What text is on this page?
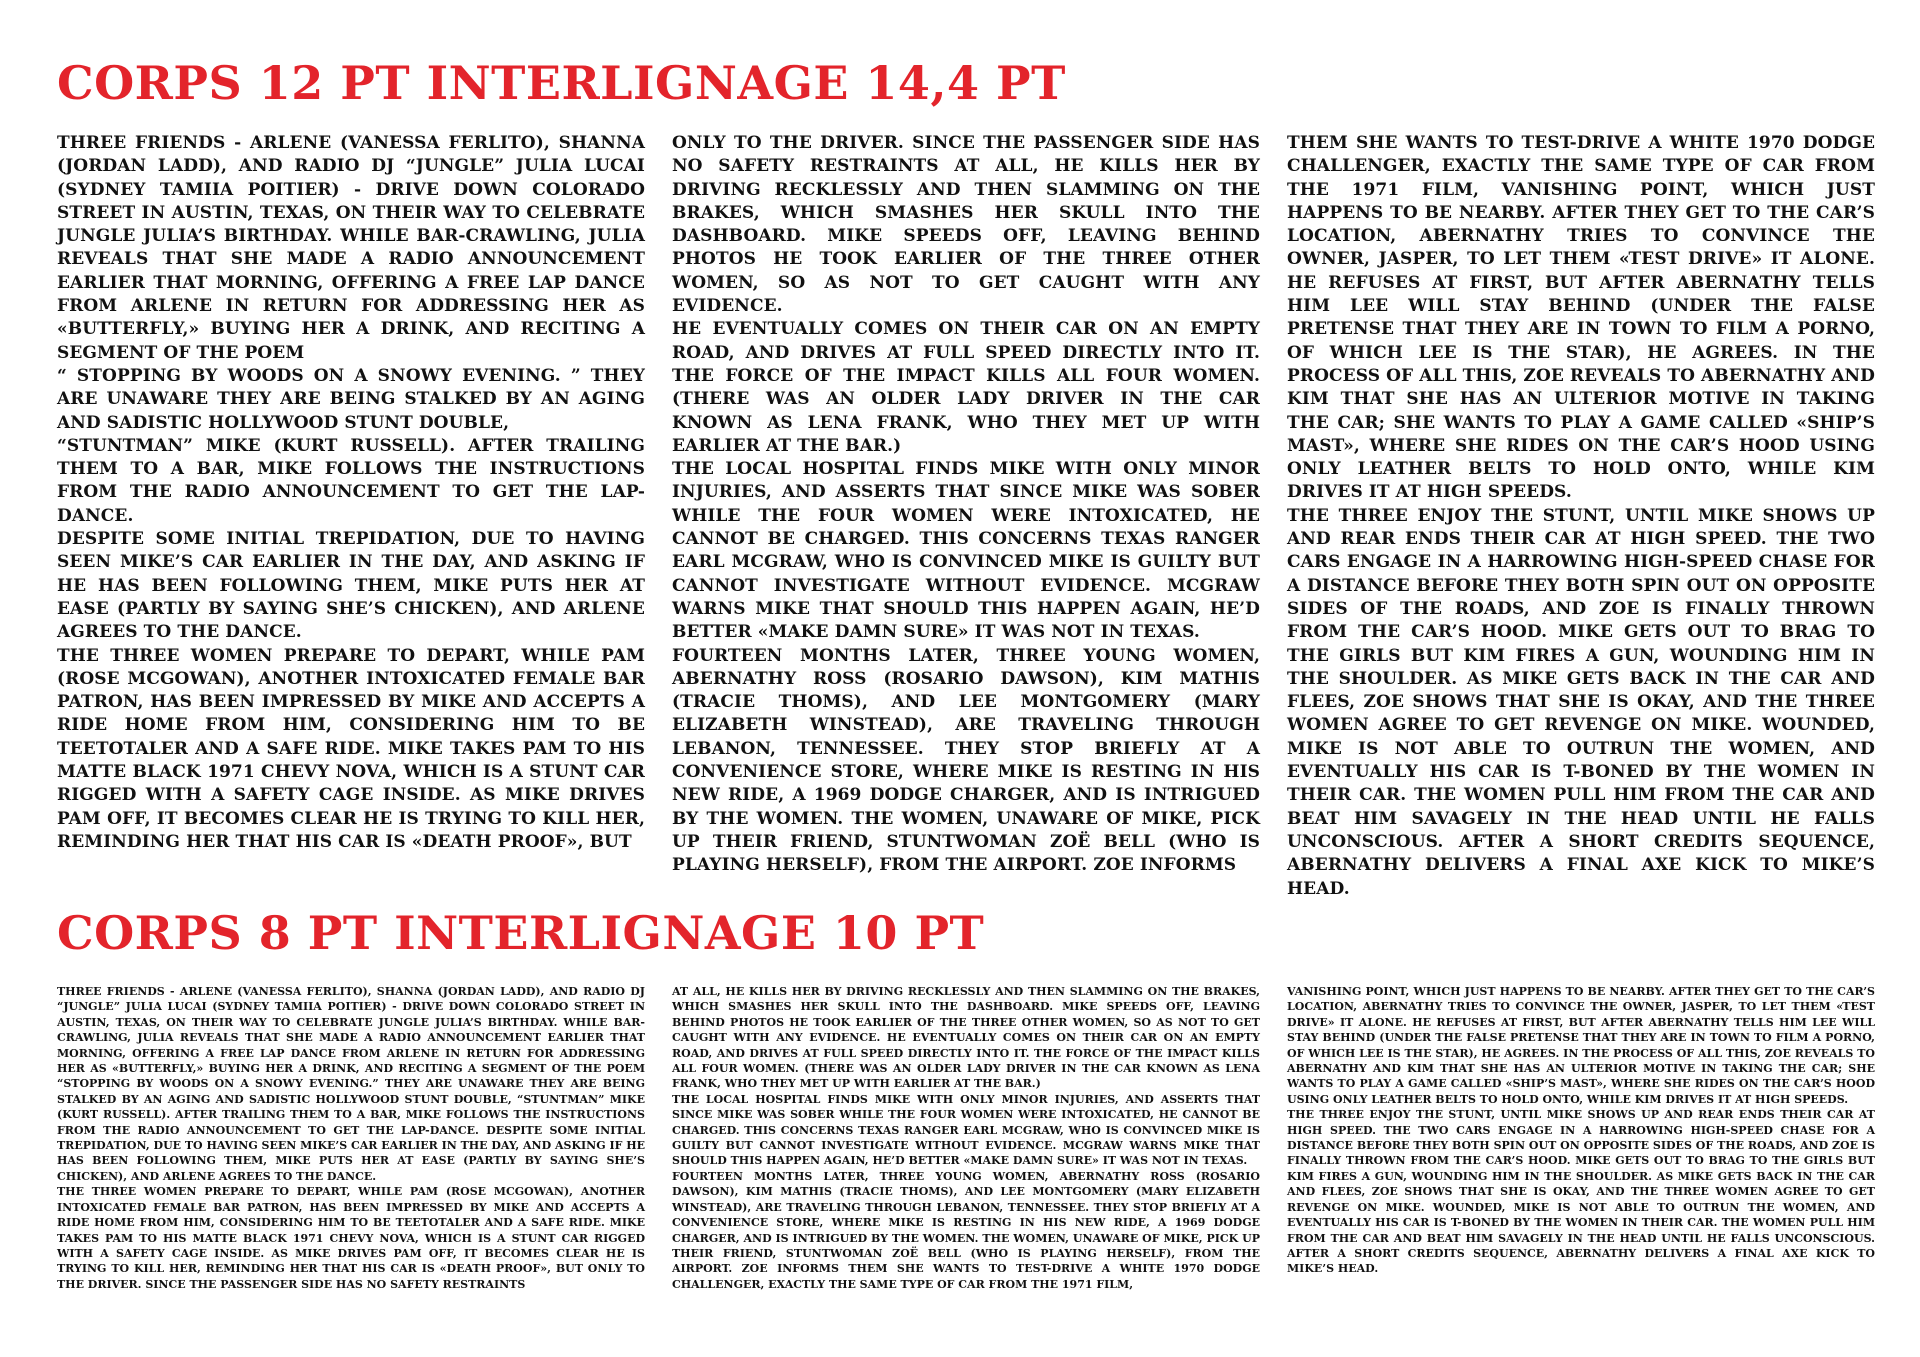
CORPS 12 PT INTERLIGNAGE 14,4 PT

THREE FRIENDS - ARLENE (VANESSA FERLITO), SHANNA (JORDAN LADD), AND RADIO DJ “JUNGLE” JULIA LUCAI (SYDNEY TAMIIA POITIER) - DRIVE DOWN COLORADO STREET IN AUSTIN, TEXAS, ON THEIR WAY TO CELEBRATE JUNGLE JULIA’S BIRTHDAY. WHILE BAR-CRAWLING, JULIA REVEALS THAT SHE MADE A RADIO ANNOUNCEMENT EARLIER THAT MORNING, OFFERING A FREE LAP DANCE FROM ARLENE IN RETURN FOR ADDRESSING HER AS «BUTTERFLY,» BUYING HER A DRINK, AND RECITING A SEGMENT OF THE POEM

“ STOPPING BY WOODS ON A SNOWY EVENING. ” THEY ARE UNAWARE THEY ARE BEING STALKED BY AN AGING AND SADISTIC HOLLYWOOD STUNT DOUBLE,

“STUNTMAN” MIKE (KURT RUSSELL). AFTER TRAILING THEM TO A BAR, MIKE FOLLOWS THE INSTRUCTIONS FROM THE RADIO ANNOUNCEMENT TO GET THE LAP-DANCE.

DESPITE SOME INITIAL TREPIDATION, DUE TO HAVING SEEN MIKE’S CAR EARLIER IN THE DAY, AND ASKING IF HE HAS BEEN FOLLOWING THEM, MIKE PUTS HER AT EASE (PARTLY BY SAYING SHE’S CHICKEN), AND ARLENE AGREES TO THE DANCE.

THE THREE WOMEN PREPARE TO DEPART, WHILE PAM (ROSE MCGOWAN), ANOTHER INTOXICATED FEMALE BAR PATRON, HAS BEEN IMPRESSED BY MIKE AND ACCEPTS A RIDE HOME FROM HIM, CONSIDERING HIM TO BE TEETOTALER AND A SAFE RIDE. MIKE TAKES PAM TO HIS MATTE BLACK 1971 CHEVY NOVA, WHICH IS A STUNT CAR RIGGED WITH A SAFETY CAGE INSIDE. AS MIKE DRIVES PAM OFF, IT BECOMES CLEAR HE IS TRYING TO KILL HER, REMINDING HER THAT HIS CAR IS «DEATH PROOF», BUT

ONLY TO THE DRIVER. SINCE THE PASSENGER SIDE HAS NO SAFETY RESTRAINTS AT ALL, HE KILLS HER BY DRIVING RECKLESSLY AND THEN SLAMMING ON THE BRAKES, WHICH SMASHES HER SKULL INTO THE DASHBOARD. MIKE SPEEDS OFF, LEAVING BEHIND PHOTOS HE TOOK EARLIER OF THE THREE OTHER WOMEN, SO AS NOT TO GET CAUGHT WITH ANY EVIDENCE.

HE EVENTUALLY COMES ON THEIR CAR ON AN EMPTY ROAD, AND DRIVES AT FULL SPEED DIRECTLY INTO IT. THE FORCE OF THE IMPACT KILLS ALL FOUR WOMEN. (THERE WAS AN OLDER LADY DRIVER IN THE CAR KNOWN AS LENA FRANK, WHO THEY MET UP WITH EARLIER AT THE BAR.)

THE LOCAL HOSPITAL FINDS MIKE WITH ONLY MINOR INJURIES, AND ASSERTS THAT SINCE MIKE WAS SOBER WHILE THE FOUR WOMEN WERE INTOXICATED, HE CANNOT BE CHARGED. THIS CONCERNS TEXAS RANGER EARL MCGRAW, WHO IS CONVINCED MIKE IS GUILTY BUT CANNOT INVESTIGATE WITHOUT EVIDENCE. MCGRAW WARNS MIKE THAT SHOULD THIS HAPPEN AGAIN, HE’D BETTER «MAKE DAMN SURE» IT WAS NOT IN TEXAS.

FOURTEEN MONTHS LATER, THREE YOUNG WOMEN, ABERNATHY ROSS (ROSARIO DAWSON), KIM MATHIS (TRACIE THOMS), AND LEE MONTGOMERY (MARY ELIZABETH WINSTEAD), ARE TRAVELING THROUGH LEBANON, TENNESSEE. THEY STOP BRIEFLY AT A CONVENIENCE STORE, WHERE MIKE IS RESTING IN HIS NEW RIDE, A 1969 DODGE CHARGER, AND IS INTRIGUED BY THE WOMEN. THE WOMEN, UNAWARE OF MIKE, PICK UP THEIR FRIEND, STUNTWOMAN ZOË BELL (WHO IS PLAYING HERSELF), FROM THE AIRPORT. ZOE INFORMS

THEM SHE WANTS TO TEST-DRIVE A WHITE 1970 DODGE CHALLENGER, EXACTLY THE SAME TYPE OF CAR FROM THE 1971 FILM, VANISHING POINT, WHICH JUST HAPPENS TO BE NEARBY. AFTER THEY GET TO THE CAR’S LOCATION, ABERNATHY TRIES TO CONVINCE THE OWNER, JASPER, TO LET THEM «TEST DRIVE» IT ALONE. HE REFUSES AT FIRST, BUT AFTER ABERNATHY TELLS HIM LEE WILL STAY BEHIND (UNDER THE FALSE PRETENSE THAT THEY ARE IN TOWN TO FILM A PORNO, OF WHICH LEE IS THE STAR), HE AGREES. IN THE PROCESS OF ALL THIS, ZOE REVEALS TO ABERNATHY AND KIM THAT SHE HAS AN ULTERIOR MOTIVE IN TAKING THE CAR; SHE WANTS TO PLAY A GAME CALLED «SHIP’S MAST», WHERE SHE RIDES ON THE CAR’S HOOD USING ONLY LEATHER BELTS TO HOLD ONTO, WHILE KIM DRIVES IT AT HIGH SPEEDS.

THE THREE ENJOY THE STUNT, UNTIL MIKE SHOWS UP AND REAR ENDS THEIR CAR AT HIGH SPEED. THE TWO CARS ENGAGE IN A HARROWING HIGH-SPEED CHASE FOR A DISTANCE BEFORE THEY BOTH SPIN OUT ON OPPOSITE SIDES OF THE ROADS, AND ZOE IS FINALLY THROWN FROM THE CAR’S HOOD. MIKE GETS OUT TO BRAG TO THE GIRLS BUT KIM FIRES A GUN, WOUNDING HIM IN THE SHOULDER. AS MIKE GETS BACK IN THE CAR AND FLEES, ZOE SHOWS THAT SHE IS OKAY, AND THE THREE WOMEN AGREE TO GET REVENGE ON MIKE. WOUNDED, MIKE IS NOT ABLE TO OUTRUN THE WOMEN, AND EVENTUALLY HIS CAR IS T-BONED BY THE WOMEN IN THEIR CAR. THE WOMEN PULL HIM FROM THE CAR AND BEAT HIM SAVAGELY IN THE HEAD UNTIL HE FALLS UNCONSCIOUS. AFTER A SHORT CREDITS SEQUENCE, ABERNATHY DELIVERS A FINAL AXE KICK TO MIKE’S HEAD.

CORPS 8 PT INTERLIGNAGE 10 PT

THREE FRIENDS - ARLENE (VANESSA FERLITO), SHANNA (JORDAN LADD), AND RADIO DJ “JUNGLE” JULIA LUCAI (SYDNEY TAMIIA POITIER) - DRIVE DOWN COLORADO STREET IN AUSTIN, TEXAS, ON THEIR WAY TO CELEBRATE JUNGLE JULIA’S BIRTHDAY. WHILE BAR-CRAWLING, JULIA REVEALS THAT SHE MADE A RADIO ANNOUNCEMENT EARLIER THAT MORNING, OFFERING A FREE LAP DANCE FROM ARLENE IN RETURN FOR ADDRESSING HER AS «BUTTERFLY,» BUYING HER A DRINK, AND RECITING A SEGMENT OF THE POEM “STOPPING BY WOODS ON A SNOWY EVENING.” THEY ARE UNAWARE THEY ARE BEING STALKED BY AN AGING AND SADISTIC HOLLYWOOD STUNT DOUBLE, “STUNTMAN” MIKE (KURT RUSSELL). AFTER TRAILING THEM TO A BAR, MIKE FOLLOWS THE INSTRUCTIONS FROM THE RADIO ANNOUNCEMENT TO GET THE LAP-DANCE. DESPITE SOME INITIAL TREPIDATION, DUE TO HAVING SEEN MIKE’S CAR EARLIER IN THE DAY, AND ASKING IF HE HAS BEEN FOLLOWING THEM, MIKE PUTS HER AT EASE (PARTLY BY SAYING SHE’S CHICKEN), AND ARLENE AGREES TO THE DANCE.

THE THREE WOMEN PREPARE TO DEPART, WHILE PAM (ROSE MCGOWAN), ANOTHER INTOXICATED FEMALE BAR PATRON, HAS BEEN IMPRESSED BY MIKE AND ACCEPTS A RIDE HOME FROM HIM, CONSIDERING HIM TO BE TEETOTALER AND A SAFE RIDE. MIKE TAKES PAM TO HIS MATTE BLACK 1971 CHEVY NOVA, WHICH IS A STUNT CAR RIGGED WITH A SAFETY CAGE INSIDE. AS MIKE DRIVES PAM OFF, IT BECOMES CLEAR HE IS TRYING TO KILL HER, REMINDING HER THAT HIS CAR IS «DEATH PROOF», BUT ONLY TO THE DRIVER. SINCE THE PASSENGER SIDE HAS NO SAFETY RESTRAINTS

AT ALL, HE KILLS HER BY DRIVING RECKLESSLY AND THEN SLAMMING ON THE BRAKES, WHICH SMASHES HER SKULL INTO THE DASHBOARD. MIKE SPEEDS OFF, LEAVING BEHIND PHOTOS HE TOOK EARLIER OF THE THREE OTHER WOMEN, SO AS NOT TO GET CAUGHT WITH ANY EVIDENCE. HE EVENTUALLY COMES ON THEIR CAR ON AN EMPTY ROAD, AND DRIVES AT FULL SPEED DIRECTLY INTO IT. THE FORCE OF THE IMPACT KILLS ALL FOUR WOMEN. (THERE WAS AN OLDER LADY DRIVER IN THE CAR KNOWN AS LENA FRANK, WHO THEY MET UP WITH EARLIER AT THE BAR.)

THE LOCAL HOSPITAL FINDS MIKE WITH ONLY MINOR INJURIES, AND ASSERTS THAT SINCE MIKE WAS SOBER WHILE THE FOUR WOMEN WERE INTOXICATED, HE CANNOT BE CHARGED. THIS CONCERNS TEXAS RANGER EARL MCGRAW, WHO IS CONVINCED MIKE IS GUILTY BUT CANNOT INVESTIGATE WITHOUT EVIDENCE. MCGRAW WARNS MIKE THAT SHOULD THIS HAPPEN AGAIN, HE’D BETTER «MAKE DAMN SURE» IT WAS NOT IN TEXAS.

FOURTEEN MONTHS LATER, THREE YOUNG WOMEN, ABERNATHY ROSS (ROSARIO DAWSON), KIM MATHIS (TRACIE THOMS), AND LEE MONTGOMERY (MARY ELIZABETH WINSTEAD), ARE TRAVELING THROUGH LEBANON, TENNESSEE. THEY STOP BRIEFLY AT A CONVENIENCE STORE, WHERE MIKE IS RESTING IN HIS NEW RIDE, A 1969 DODGE CHARGER, AND IS INTRIGUED BY THE WOMEN. THE WOMEN, UNAWARE OF MIKE, PICK UP THEIR FRIEND, STUNTWOMAN ZOË BELL (WHO IS PLAYING HERSELF), FROM THE AIRPORT. ZOE INFORMS THEM SHE WANTS TO TEST-DRIVE A WHITE 1970 DODGE CHALLENGER, EXACTLY THE SAME TYPE OF CAR FROM THE 1971 FILM,

VANISHING POINT, WHICH JUST HAPPENS TO BE NEARBY. AFTER THEY GET TO THE CAR’S LOCATION, ABERNATHY TRIES TO CONVINCE THE OWNER, JASPER, TO LET THEM «TEST DRIVE» IT ALONE. HE REFUSES AT FIRST, BUT AFTER ABERNATHY TELLS HIM LEE WILL STAY BEHIND (UNDER THE FALSE PRETENSE THAT THEY ARE IN TOWN TO FILM A PORNO, OF WHICH LEE IS THE STAR), HE AGREES. IN THE PROCESS OF ALL THIS, ZOE REVEALS TO ABERNATHY AND KIM THAT SHE HAS AN ULTERIOR MOTIVE IN TAKING THE CAR; SHE WANTS TO PLAY A GAME CALLED «SHIP’S MAST», WHERE SHE RIDES ON THE CAR’S HOOD USING ONLY LEATHER BELTS TO HOLD ONTO, WHILE KIM DRIVES IT AT HIGH SPEEDS.

THE THREE ENJOY THE STUNT, UNTIL MIKE SHOWS UP AND REAR ENDS THEIR CAR AT HIGH SPEED. THE TWO CARS ENGAGE IN A HARROWING HIGH-SPEED CHASE FOR A DISTANCE BEFORE THEY BOTH SPIN OUT ON OPPOSITE SIDES OF THE ROADS, AND ZOE IS FINALLY THROWN FROM THE CAR’S HOOD. MIKE GETS OUT TO BRAG TO THE GIRLS BUT KIM FIRES A GUN, WOUNDING HIM IN THE SHOULDER. AS MIKE GETS BACK IN THE CAR AND FLEES, ZOE SHOWS THAT SHE IS OKAY, AND THE THREE WOMEN AGREE TO GET REVENGE ON MIKE. WOUNDED, MIKE IS NOT ABLE TO OUTRUN THE WOMEN, AND EVENTUALLY HIS CAR IS T-BONED BY THE WOMEN IN THEIR CAR. THE WOMEN PULL HIM FROM THE CAR AND BEAT HIM SAVAGELY IN THE HEAD UNTIL HE FALLS UNCONSCIOUS. AFTER A SHORT CREDITS SEQUENCE, ABERNATHY DELIVERS A FINAL AXE KICK TO MIKE’S HEAD.
